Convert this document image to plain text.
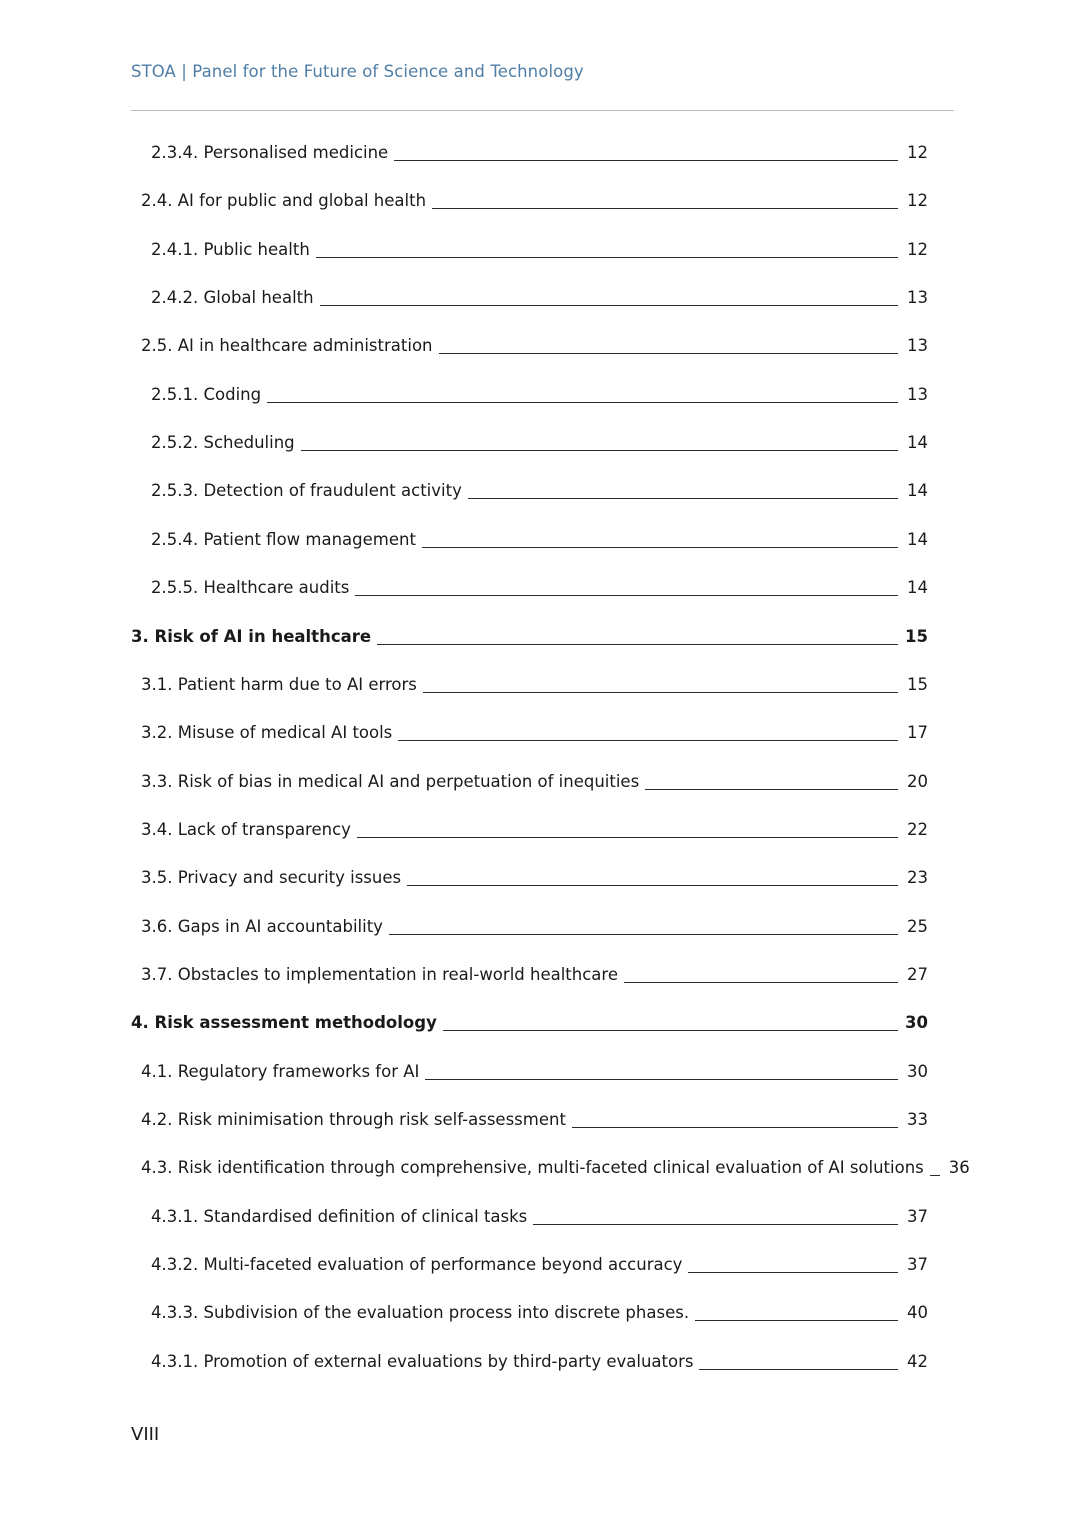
STOA | Panel for the Future of Science and Technology
2.3.4. Personalised medicine	12
2.4. AI for public and global health	12
2.4.1. Public health	12
2.4.2. Global health	13
2.5. AI in healthcare administration	13
2.5.1. Coding	13
2.5.2. Scheduling	14
2.5.3. Detection of fraudulent activity	14
2.5.4. Patient flow management	14
2.5.5. Healthcare audits	14
3. Risk of AI in healthcare	15
3.1. Patient harm due to AI errors	15
3.2. Misuse of medical AI tools	17
3.3. Risk of bias in medical AI and perpetuation of inequities	20
3.4. Lack of transparency	22
3.5. Privacy and security issues	23
3.6. Gaps in AI accountability	25
3.7. Obstacles to implementation in real-world healthcare	27
4. Risk assessment methodology	30
4.1. Regulatory frameworks for AI	30
4.2. Risk minimisation through risk self-assessment	33
4.3. Risk identification through comprehensive, multi-faceted clinical evaluation of AI solutions 36
4.3.1. Standardised definition of clinical tasks	37
4.3.2. Multi-faceted evaluation of performance beyond accuracy	37
4.3.3. Subdivision of the evaluation process into discrete phases.	40
4.3.1. Promotion of external evaluations by third-party evaluators	42
VIII
